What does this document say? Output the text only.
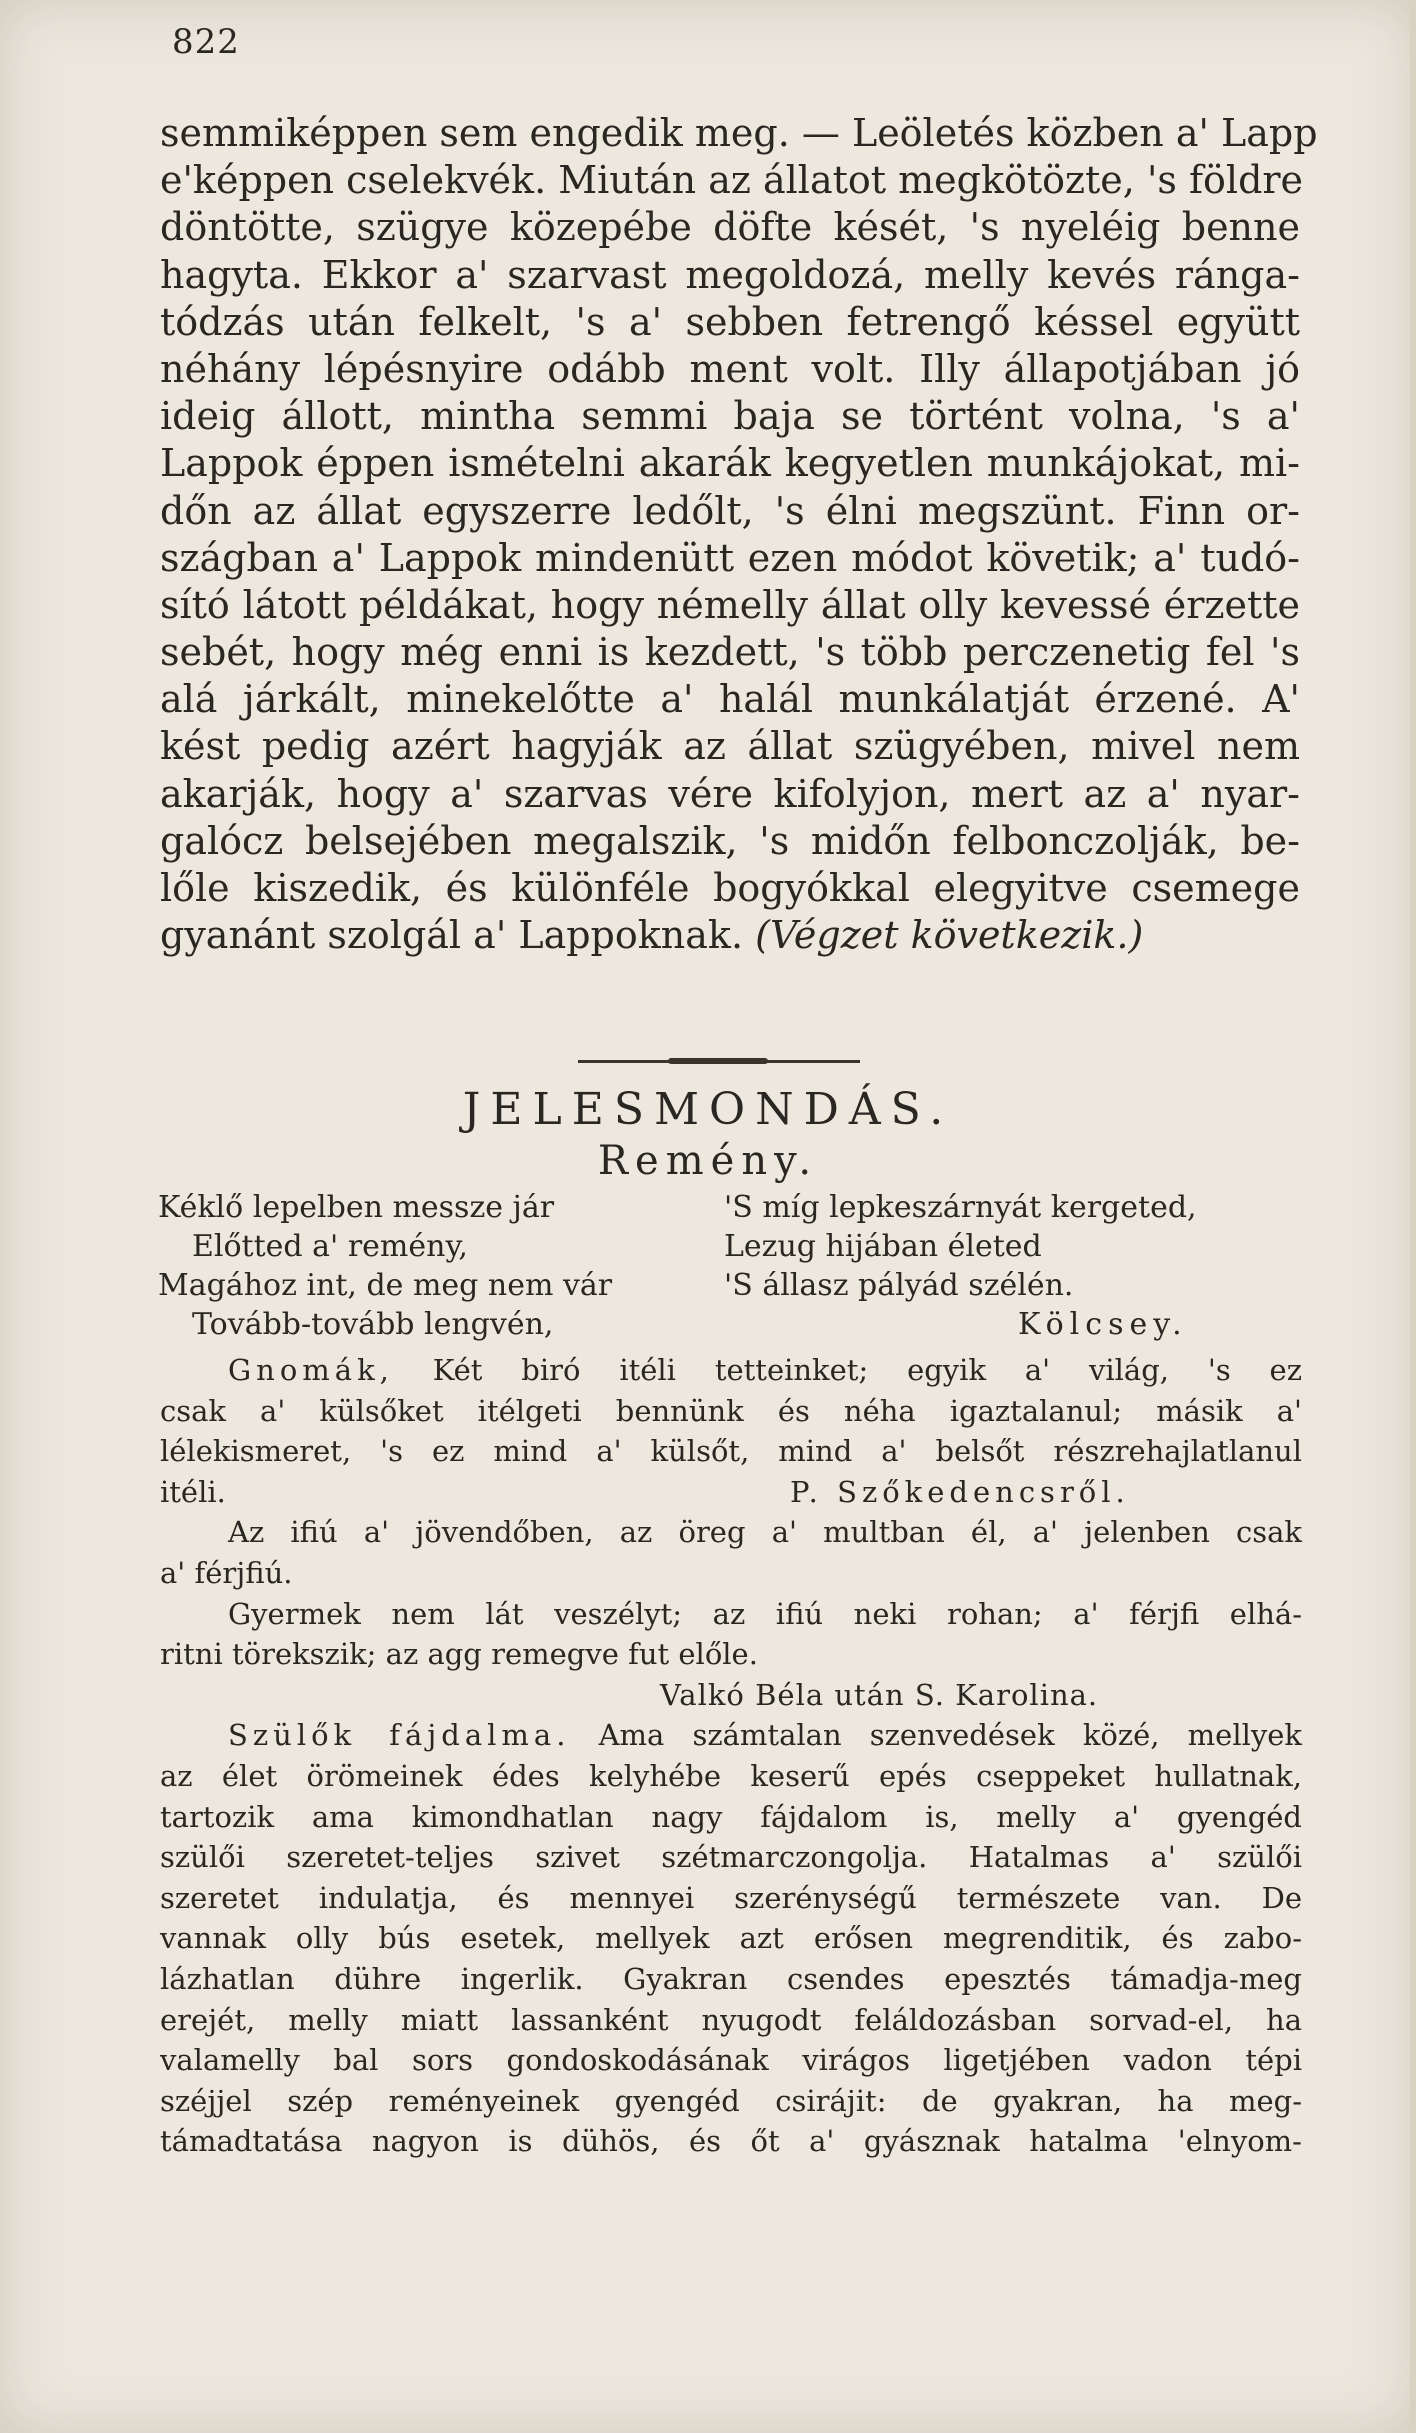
822
semmiképpen sem engedik meg. — Leöletés közben a' Lapp
e'képpen cselekvék. Miután az állatot megkötözte, 's földre
döntötte, szügye közepébe döfte kését, 's nyeléig benne
hagyta. Ekkor a' szarvast megoldozá, melly kevés ránga-
tódzás után felkelt, 's a' sebben fetrengő késsel együtt
néhány lépésnyire odább ment volt. Illy állapotjában jó
ideig állott, mintha semmi baja se történt volna, 's a'
Lappok éppen ismételni akarák kegyetlen munkájokat, mi-
dőn az állat egyszerre ledőlt, 's élni megszünt. Finn or-
szágban a' Lappok mindenütt ezen módot követik; a' tudó-
sító látott példákat, hogy némelly állat olly kevessé érzette
sebét, hogy még enni is kezdett, 's több perczenetig fel 's
alá járkált, minekelőtte a' halál munkálatját érzené. A'
kést pedig azért hagyják az állat szügyében, mivel nem
akarják, hogy a' szarvas vére kifolyjon, mert az a' nyar-
galócz belsejében megalszik, 's midőn felbonczolják, be-
lőle kiszedik, és különféle bogyókkal elegyitve csemege
gyanánt szolgál a' Lappoknak. (Végzet következik.)
JELESMONDÁS.
Remény.
Kéklő lepelben messze jár	'S míg lepkeszárnyát kergeted,
Előtted a' remény,	Lezug hijában életed
Magához int, de meg nem vár	'S állasz pályád szélén.
Tovább-tovább lengvén,	Kölcsey.
Gnomák, Két biró itéli tetteinket; egyik a' világ, 's ez
csak a' külsőket itélgeti bennünk és néha igaztalanul; másik a'
lélekismeret, 's ez mind a' külsőt, mind a' belsőt részrehajlatlanul
itéli.	P. Szőkedencsről.
Az ifiú a' jövendőben, az öreg a' multban él, a' jelenben csak
a' férjfiú.
Gyermek nem lát veszélyt; az ifiú neki rohan; a' férjfi elhá-
ritni törekszik; az agg remegve fut előle.
Valkó Béla után S. Karolina.
Szülők fájdalma. Ama számtalan szenvedések közé, mellyek
az élet örömeinek édes kelyhébe keserű epés cseppeket hullatnak,
tartozik ama kimondhatlan nagy fájdalom is, melly a' gyengéd
szülői szeretet-teljes szivet szétmarczongolja. Hatalmas a' szülői
szeretet indulatja, és mennyei szerénységű természete van. De
vannak olly bús esetek, mellyek azt erősen megrenditik, és zabo-
lázhatlan dühre ingerlik. Gyakran csendes epesztés támadja-meg
erejét, melly miatt lassanként nyugodt feláldozásban sorvad-el, ha
valamelly bal sors gondoskodásának virágos ligetjében vadon tépi
széjjel szép reményeinek gyengéd csirájit: de gyakran, ha meg-
támadtatása nagyon is dühös, és őt a' gyásznak hatalma 'elnyom-
